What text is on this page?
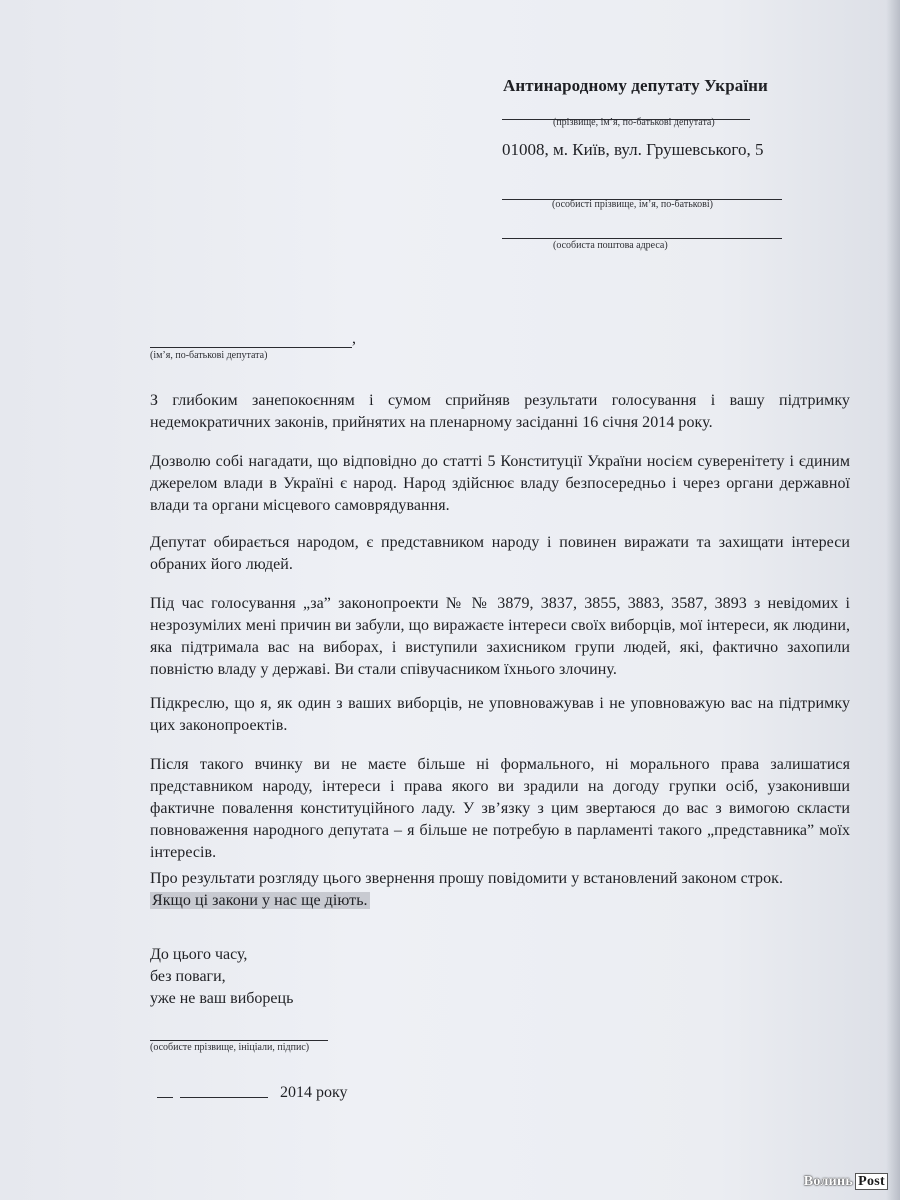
Антинародному депутату України
(прізвище, ім’я, по-батькові депутата)
01008, м. Київ, вул. Грушевського, 5
(особисті прізвище, ім’я, по-батькові)
(особиста поштова адреса)
,
(ім’я, по-батькові депутата)

З глибоким занепокоєнням і сумом сприйняв результати голосування і вашу підтримку недемократичних законів, прийнятих на пленарному засіданні 16 січня 2014 року.

Дозволю собі нагадати, що відповідно до статті 5 Конституції України носієм суверенітету і єдиним джерелом влади в Україні є народ. Народ здійснює владу безпосередньо і через органи державної влади та органи місцевого самоврядування.

Депутат обирається народом, є представником народу і повинен виражати та захищати інтереси обраних його людей.

Під час голосування „за” законопроекти № № 3879, 3837, 3855, 3883, 3587, 3893 з невідомих і незрозумілих мені причин ви забули, що виражаєте інтереси своїх виборців, мої інтереси, як людини, яка підтримала вас на виборах, і виступили захисником групи людей, які, фактично захопили повністю владу у державі. Ви стали співучасником їхнього злочину.

Підкреслю, що я, як один з ваших виборців, не уповноважував і не уповноважую вас на підтримку цих законопроектів.

Після такого вчинку ви не маєте більше ні формального, ні морального права залишатися представником народу, інтереси і права якого ви зрадили на догоду групки осіб, узаконивши фактичне повалення конституційного ладу. У зв’язку з цим звертаюся до вас з вимогою скласти повноваження народного депутата – я більше не потребую в парламенті такого „представника” моїх інтересів.

Про результати розгляду цього звернення прошу повідомити у встановлений законом строк.

Якщо ці закони у нас ще діють.

До цього часу,
без поваги,
уже не ваш виборець
(особисте прізвище, ініціали, підпис)
2014 року
Волинь Post
